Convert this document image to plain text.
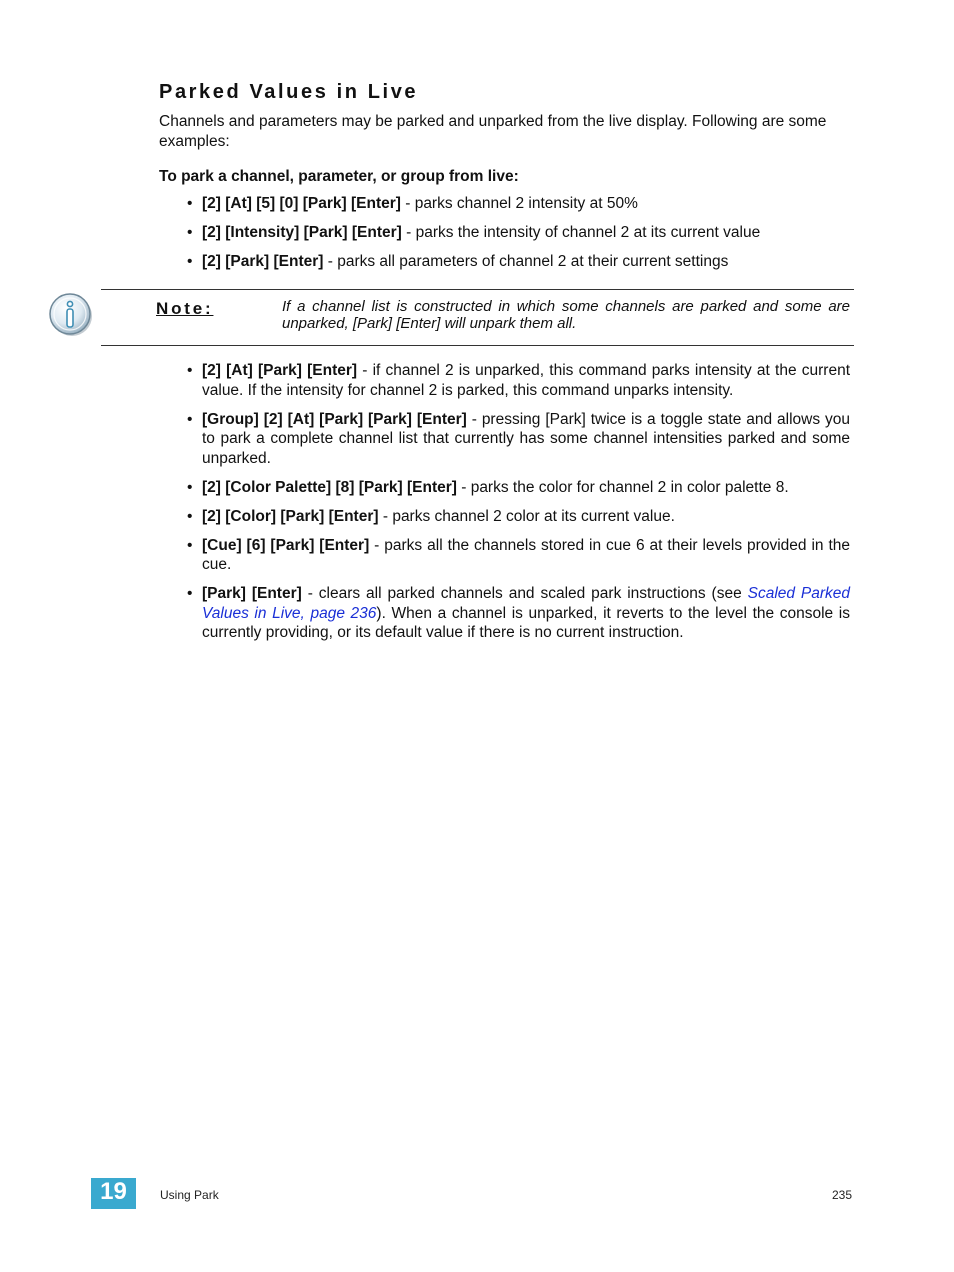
Parked Values in Live

Channels and parameters may be parked and unparked from the live display. Following are some examples:

To park a channel, parameter, or group from live:

• [2] [At] [5] [0] [Park] [Enter] - parks channel 2 intensity at 50%
• [2] [Intensity] [Park] [Enter] - parks the intensity of channel 2 at its current value
• [2] [Park] [Enter] - parks all parameters of channel 2 at their current settings

Note:	If a channel list is constructed in which some channels are parked and some are unparked, [Park] [Enter] will unpark them all.

• [2] [At] [Park] [Enter] - if channel 2 is unparked, this command parks intensity at the current value. If the intensity for channel 2 is parked, this command unparks intensity.
• [Group] [2] [At] [Park] [Park] [Enter] - pressing [Park] twice is a toggle state and allows you to park a complete channel list that currently has some channel intensities parked and some unparked.
• [2] [Color Palette] [8] [Park] [Enter] - parks the color for channel 2 in color palette 8.
• [2] [Color] [Park] [Enter] - parks channel 2 color at its current value.
• [Cue] [6] [Park] [Enter] - parks all the channels stored in cue 6 at their levels provided in the cue.
• [Park] [Enter] - clears all parked channels and scaled park instructions (see Scaled Parked Values in Live, page 236). When a channel is unparked, it reverts to the level the console is currently providing, or its default value if there is no current instruction.
19	Using Park	235
